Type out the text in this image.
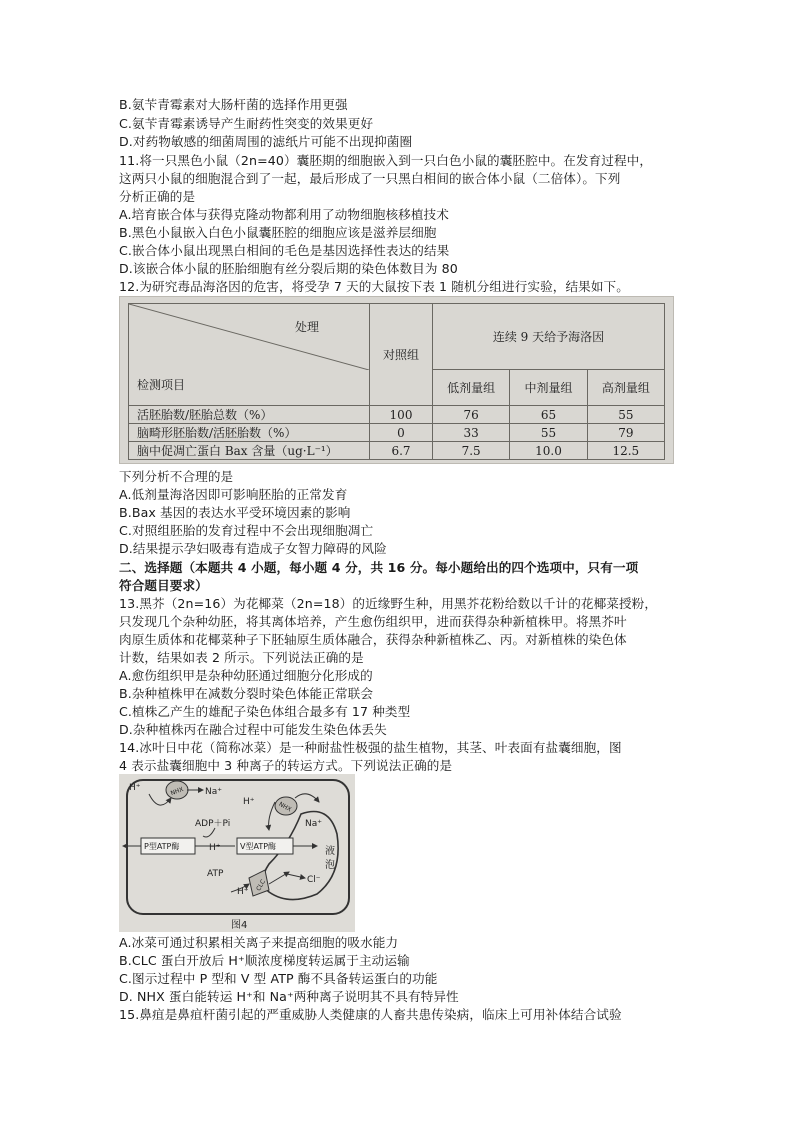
B.氨苄青霉素对大肠杆菌的选择作用更强
C.氨苄青霉素诱导产生耐药性突变的效果更好
D.对药物敏感的细菌周围的滤纸片可能不出现抑菌圈
11.将一只黑色小鼠（2n=40）囊胚期的细胞嵌入到一只白色小鼠的囊胚腔中。在发育过程中，
这两只小鼠的细胞混合到了一起，最后形成了一只黑白相间的嵌合体小鼠（二倍体）。下列
分析正确的是
A.培育嵌合体与获得克隆动物都利用了动物细胞核移植技术
B.黑色小鼠嵌入白色小鼠囊胚腔的细胞应该是滋养层细胞
C.嵌合体小鼠出现黑白相间的毛色是基因选择性表达的结果
D.该嵌合体小鼠的胚胎细胞有丝分裂后期的染色体数目为 80
12.为研究毒品海洛因的危害，将受孕 7 天的大鼠按下表 1 随机分组进行实验，结果如下。
处理
检测项目	对照组	连续 9 天给予海洛因		
		低剂量组	中剂量组	高剂量组
活胚胎数/胚胎总数（%）	100	76	65	55
脑畸形胚胎数/活胚胎数（%）	0	33	55	79
脑中促凋亡蛋白 Bax 含量（ug·L⁻¹）	6.7	7.5	10.0	12.5
下列分析不合理的是
A.低剂量海洛因即可影响胚胎的正常发育
B.Bax 基因的表达水平受环境因素的影响
C.对照组胚胎的发育过程中不会出现细胞凋亡
D.结果提示孕妇吸毒有造成子女智力障碍的风险
二、选择题（本题共 4 小题，每小题 4 分，共 16 分。每小题给出的四个选项中，只有一项
符合题目要求）
13.黑芥（2n=16）为花椰菜（2n=18）的近缘野生种，用黑芥花粉给数以千计的花椰菜授粉，
只发现几个杂种幼胚，将其离体培养，产生愈伤组织甲，进而获得杂种新植株甲。将黑芥叶
肉原生质体和花椰菜种子下胚轴原生质体融合，获得杂种新植株乙、丙。对新植株的染色体
计数，结果如表 2 所示。下列说法正确的是
A.愈伤组织甲是杂种幼胚通过细胞分化形成的
B.杂种植株甲在减数分裂时染色体能正常联会
C.植株乙产生的雄配子染色体组合最多有 17 种类型
D.杂种植株丙在融合过程中可能发生染色体丢失
14.冰叶日中花（简称冰菜）是一种耐盐性极强的盐生植物，其茎、叶表面有盐囊细胞，图
4 表示盐囊细胞中 3 种离子的转运方式。下列说法正确的是
H⁺	Na⁺
H⁺
Na⁺
ADP＋Pi
H⁺
ATP
H⁺
Cl⁻
P型ATP酶	V型ATP酶
NHX
NHX
CLC
液
泡
图4
A.冰菜可通过积累相关离子来提高细胞的吸水能力
B.CLC 蛋白开放后 H⁺顺浓度梯度转运属于主动运输
C.图示过程中 P 型和 V 型 ATP 酶不具备转运蛋白的功能
D. NHX 蛋白能转运 H⁺和 Na⁺两种离子说明其不具有特异性
15.鼻疽是鼻疽杆菌引起的严重威胁人类健康的人畜共患传染病，临床上可用补体结合试验
